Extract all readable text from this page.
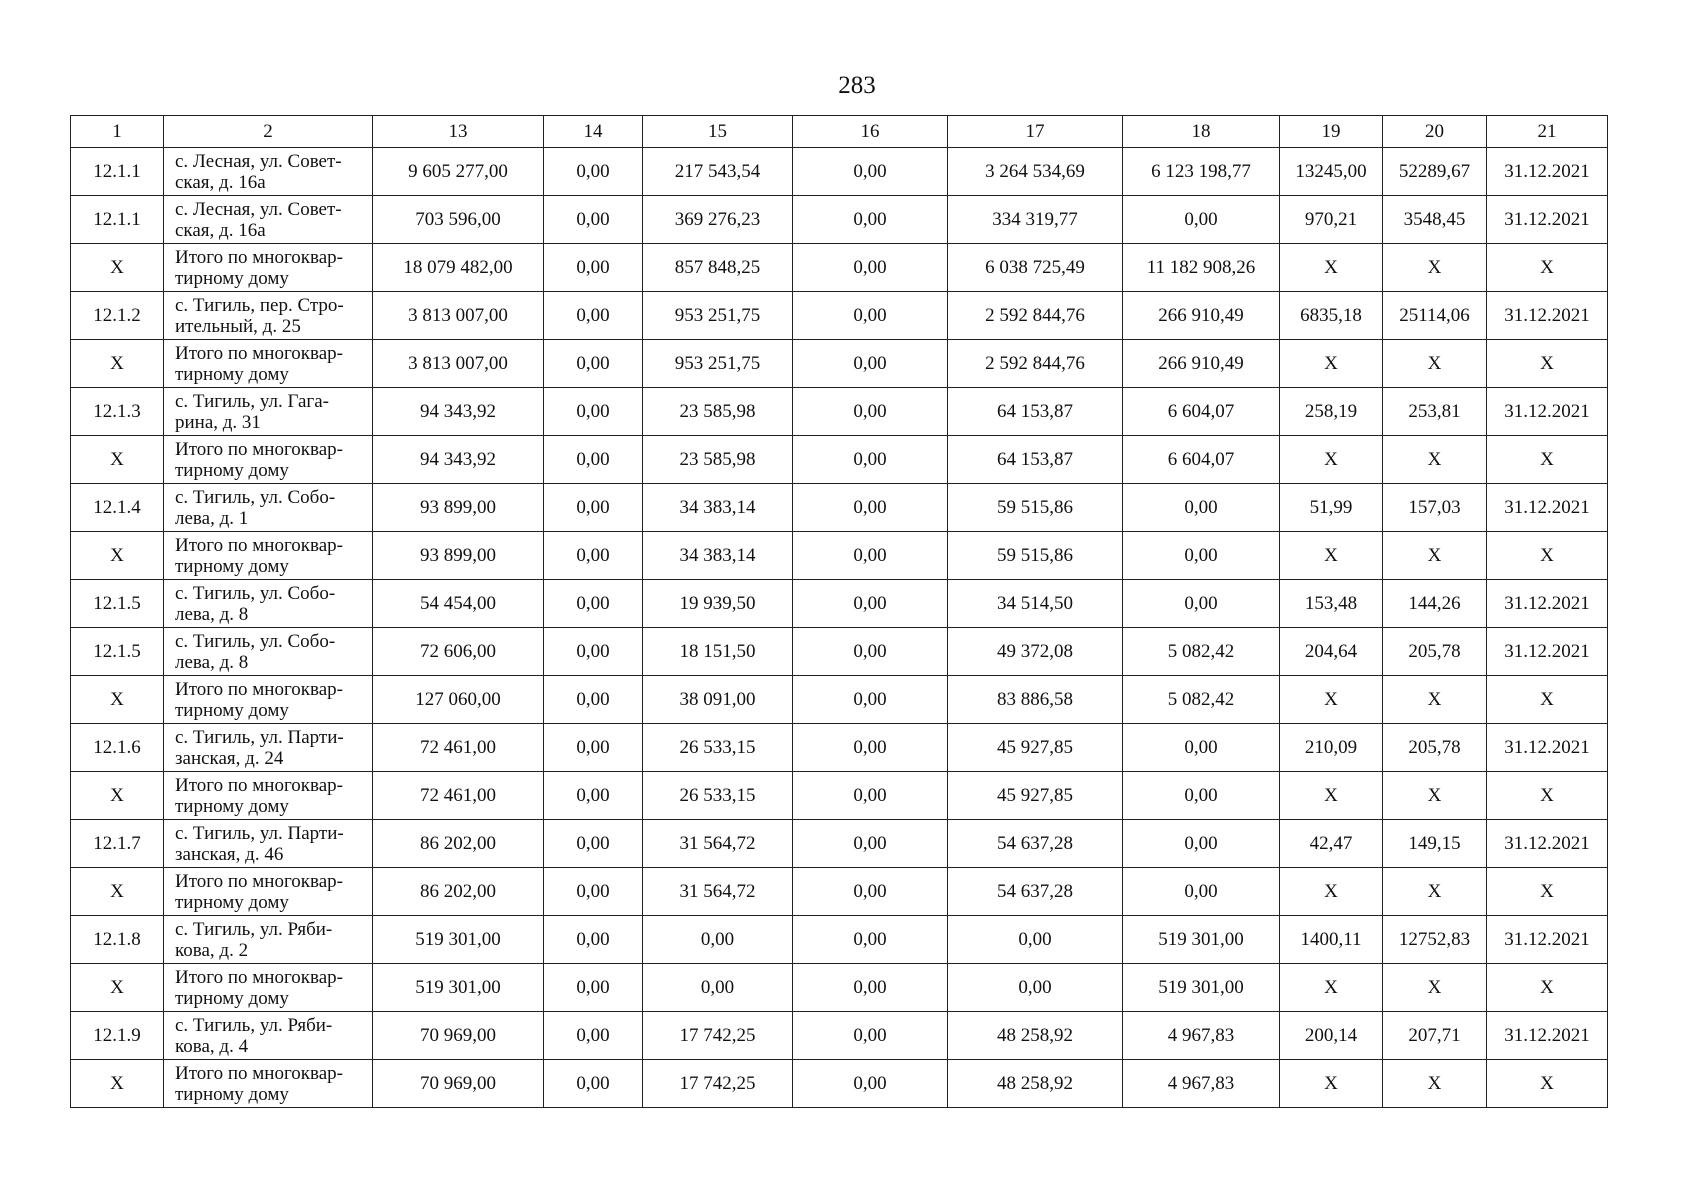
283
1	2	13	14	15	16	17	18	19	20	21
12.1.1	с. Лесная, ул. Совет-ская, д. 16а	9 605 277,00	0,00	217 543,54	0,00	3 264 534,69	6 123 198,77	13245,00	52289,67	31.12.2021
12.1.1	с. Лесная, ул. Совет-ская, д. 16а	703 596,00	0,00	369 276,23	0,00	334 319,77	0,00	970,21	3548,45	31.12.2021
X	Итого по многоквар-тирному дому	18 079 482,00	0,00	857 848,25	0,00	6 038 725,49	11 182 908,26	X	X	X
12.1.2	с. Тигиль, пер. Стро-ительный, д. 25	3 813 007,00	0,00	953 251,75	0,00	2 592 844,76	266 910,49	6835,18	25114,06	31.12.2021
X	Итого по многоквар-тирному дому	3 813 007,00	0,00	953 251,75	0,00	2 592 844,76	266 910,49	X	X	X
12.1.3	с. Тигиль, ул. Гага-рина, д. 31	94 343,92	0,00	23 585,98	0,00	64 153,87	6 604,07	258,19	253,81	31.12.2021
X	Итого по многоквар-тирному дому	94 343,92	0,00	23 585,98	0,00	64 153,87	6 604,07	X	X	X
12.1.4	с. Тигиль, ул. Собо-лева, д. 1	93 899,00	0,00	34 383,14	0,00	59 515,86	0,00	51,99	157,03	31.12.2021
X	Итого по многоквар-тирному дому	93 899,00	0,00	34 383,14	0,00	59 515,86	0,00	X	X	X
12.1.5	с. Тигиль, ул. Собо-лева, д. 8	54 454,00	0,00	19 939,50	0,00	34 514,50	0,00	153,48	144,26	31.12.2021
12.1.5	с. Тигиль, ул. Собо-лева, д. 8	72 606,00	0,00	18 151,50	0,00	49 372,08	5 082,42	204,64	205,78	31.12.2021
X	Итого по многоквар-тирному дому	127 060,00	0,00	38 091,00	0,00	83 886,58	5 082,42	X	X	X
12.1.6	с. Тигиль, ул. Парти-занская, д. 24	72 461,00	0,00	26 533,15	0,00	45 927,85	0,00	210,09	205,78	31.12.2021
X	Итого по многоквар-тирному дому	72 461,00	0,00	26 533,15	0,00	45 927,85	0,00	X	X	X
12.1.7	с. Тигиль, ул. Парти-занская, д. 46	86 202,00	0,00	31 564,72	0,00	54 637,28	0,00	42,47	149,15	31.12.2021
X	Итого по многоквар-тирному дому	86 202,00	0,00	31 564,72	0,00	54 637,28	0,00	X	X	X
12.1.8	с. Тигиль, ул. Ряби-кова, д. 2	519 301,00	0,00	0,00	0,00	0,00	519 301,00	1400,11	12752,83	31.12.2021
X	Итого по многоквар-тирному дому	519 301,00	0,00	0,00	0,00	0,00	519 301,00	X	X	X
12.1.9	с. Тигиль, ул. Ряби-кова, д. 4	70 969,00	0,00	17 742,25	0,00	48 258,92	4 967,83	200,14	207,71	31.12.2021
X	Итого по многоквар-тирному дому	70 969,00	0,00	17 742,25	0,00	48 258,92	4 967,83	X	X	X
